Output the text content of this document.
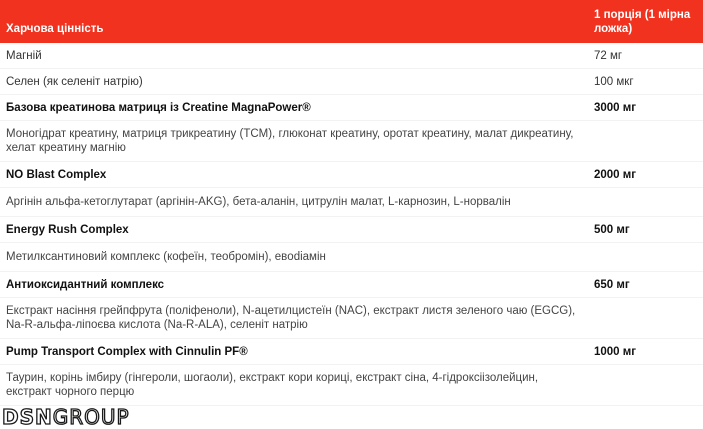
Харчова цінність	1 порція (1 мірна ложка)
Магній	72 мг
Селен (як селеніт натрію)	100 мкг
Базова креатинова матриця із Creatine MagnaPower®	3000 мг
Моногідрат креатину, матриця трикреатину (TCM), глюконат креатину, оротат креатину, малат дикреатину, хелат креатину магнію	
NO Blast Complex	2000 мг
Аргінін альфа-кетоглутарат (аргінін-AKG), бета-аланін, цитрулін малат, L-карнозин, L-норвалін	
Energy Rush Complex	500 мг
Метилксантиновий комплекс (кофеїн, теобромін), евodiaмін	
Антиоксидантний комплекс	650 мг
Екстракт насіння грейпфрута (поліфеноли), N-ацетилцистеїн (NAC), екстракт листя зеленого чаю (EGCG), Na-R-альфа-ліпоєва кислота (Na-R-ALA), селеніт натрію	
Pump Transport Complex with Cinnulin PF®	1000 мг
Таурин, корінь імбиру (гінгероли, шогаоли), екстракт кори кориці, екстракт сіна, 4-гідроксіізолейцин, екстракт чорного перцю	
DSNGROUP
